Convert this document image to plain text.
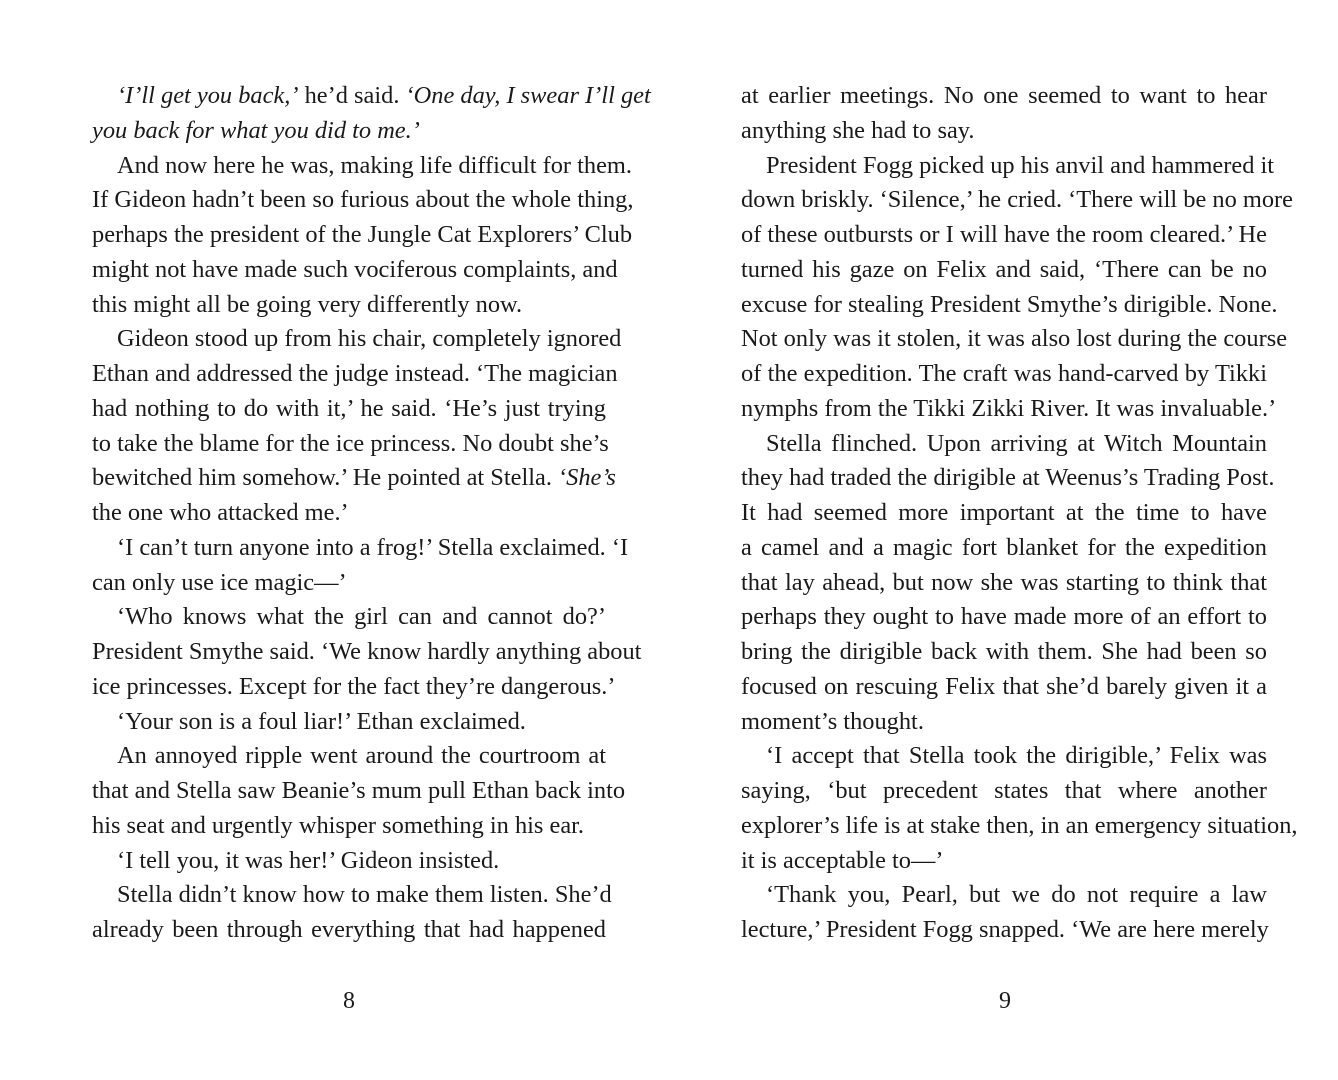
‘I’ll get you back,’ he’d said. ‘One day, I swear I’ll get
you back for what you did to me.’
And now here he was, making life difficult for them.
If Gideon hadn’t been so furious about the whole thing,
perhaps the president of the Jungle Cat Explorers’ Club
might not have made such vociferous complaints, and
this might all be going very differently now.
Gideon stood up from his chair, completely ignored
Ethan and addressed the judge instead. ‘The magician
had nothing to do with it,’ he said. ‘He’s just trying
to take the blame for the ice princess. No doubt she’s
bewitched him somehow.’ He pointed at Stella. ‘She’s
the one who attacked me.’
‘I can’t turn anyone into a frog!’ Stella exclaimed. ‘I
can only use ice magic—’
‘Who knows what the girl can and cannot do?’
President Smythe said. ‘We know hardly anything about
ice princesses. Except for the fact they’re dangerous.’
‘Your son is a foul liar!’ Ethan exclaimed.
An annoyed ripple went around the courtroom at
that and Stella saw Beanie’s mum pull Ethan back into
his seat and urgently whisper something in his ear.
‘I tell you, it was her!’ Gideon insisted.
Stella didn’t know how to make them listen. She’d
already been through everything that had happened
at earlier meetings. No one seemed to want to hear
anything she had to say.
President Fogg picked up his anvil and hammered it
down briskly. ‘Silence,’ he cried. ‘There will be no more
of these outbursts or I will have the room cleared.’ He
turned his gaze on Felix and said, ‘There can be no
excuse for stealing President Smythe’s dirigible. None.
Not only was it stolen, it was also lost during the course
of the expedition. The craft was hand-carved by Tikki
nymphs from the Tikki Zikki River. It was invaluable.’
Stella flinched. Upon arriving at Witch Mountain
they had traded the dirigible at Weenus’s Trading Post.
It had seemed more important at the time to have
a camel and a magic fort blanket for the expedition
that lay ahead, but now she was starting to think that
perhaps they ought to have made more of an effort to
bring the dirigible back with them. She had been so
focused on rescuing Felix that she’d barely given it a
moment’s thought.
‘I accept that Stella took the dirigible,’ Felix was
saying, ‘but precedent states that where another
explorer’s life is at stake then, in an emergency situation,
it is acceptable to—’
‘Thank you, Pearl, but we do not require a law
lecture,’ President Fogg snapped. ‘We are here merely
8	9
